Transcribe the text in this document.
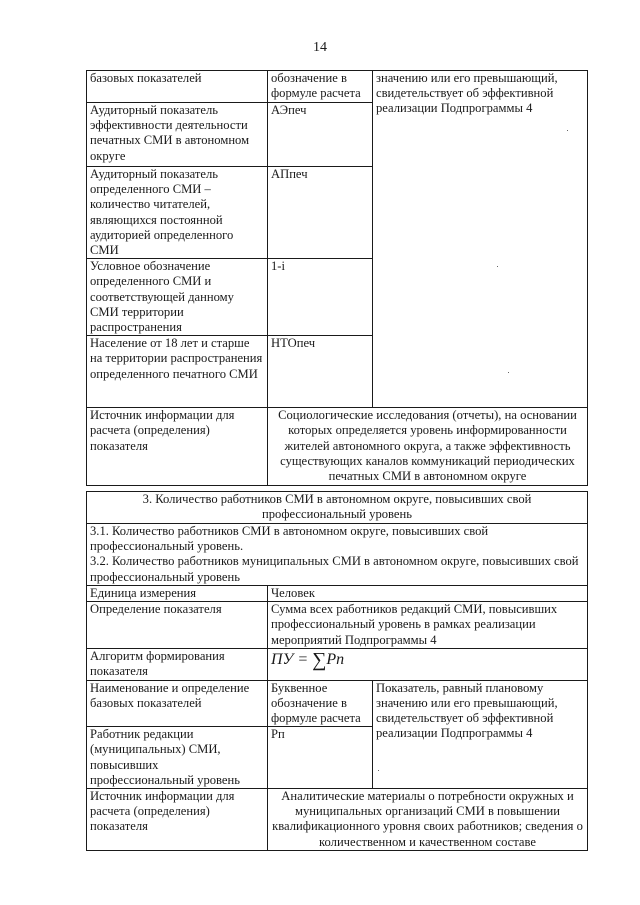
14
базовых показателей	обозначение в формуле расчета	значению или его превышающий, свидетельствует об эффективной реализации Подпрограммы 4
Аудиторный показатель эффективности деятельности печатных СМИ в автономном округе	АЭпеч	
Аудиторный показатель определенного СМИ – количество читателей, являющихся постоянной аудиторией определенного СМИ	АПпеч	
Условное обозначение определенного СМИ и соответствующей данному СМИ территории распространения	1-i	
Население от 18 лет и старше на территории распространения определенного печатного СМИ	НТОпеч	
Источник информации для расчета (определения) показателя	Социологические исследования (отчеты), на основании которых определяется уровень информированности жителей автономного округа, а также эффективность существующих каналов коммуникаций периодических печатных СМИ в автономном округе	
3. Количество работников СМИ в автономном округе, повысивших свой профессиональный уровень		

3.1. Количество работников СМИ в автономном округе, повысивших свой профессиональный уровень.
3.2. Количество работников муниципальных СМИ в автономном округе, повысивших свой профессиональный уровень		

Единица измерения	Человек	
Определение показателя	Сумма всех работников редакций СМИ, повысивших профессиональный уровень в рамках реализации мероприятий Подпрограммы 4	
Алгоритм формирования показателя	ПУ = ∑Pn	
Наименование и определение базовых показателей	Буквенное обозначение в формуле расчета	Показатель, равный плановому значению или его превышающий, свидетельствует об эффективной реализации Подпрограммы 4
Работник редакции (муниципальных) СМИ, повысивших профессиональный уровень	Рп	
Источник информации для расчета (определения) показателя	Аналитические материалы о потребности окружных и муниципальных организаций СМИ в повышении квалификационного уровня своих работников; сведения о количественном и качественном составе	
